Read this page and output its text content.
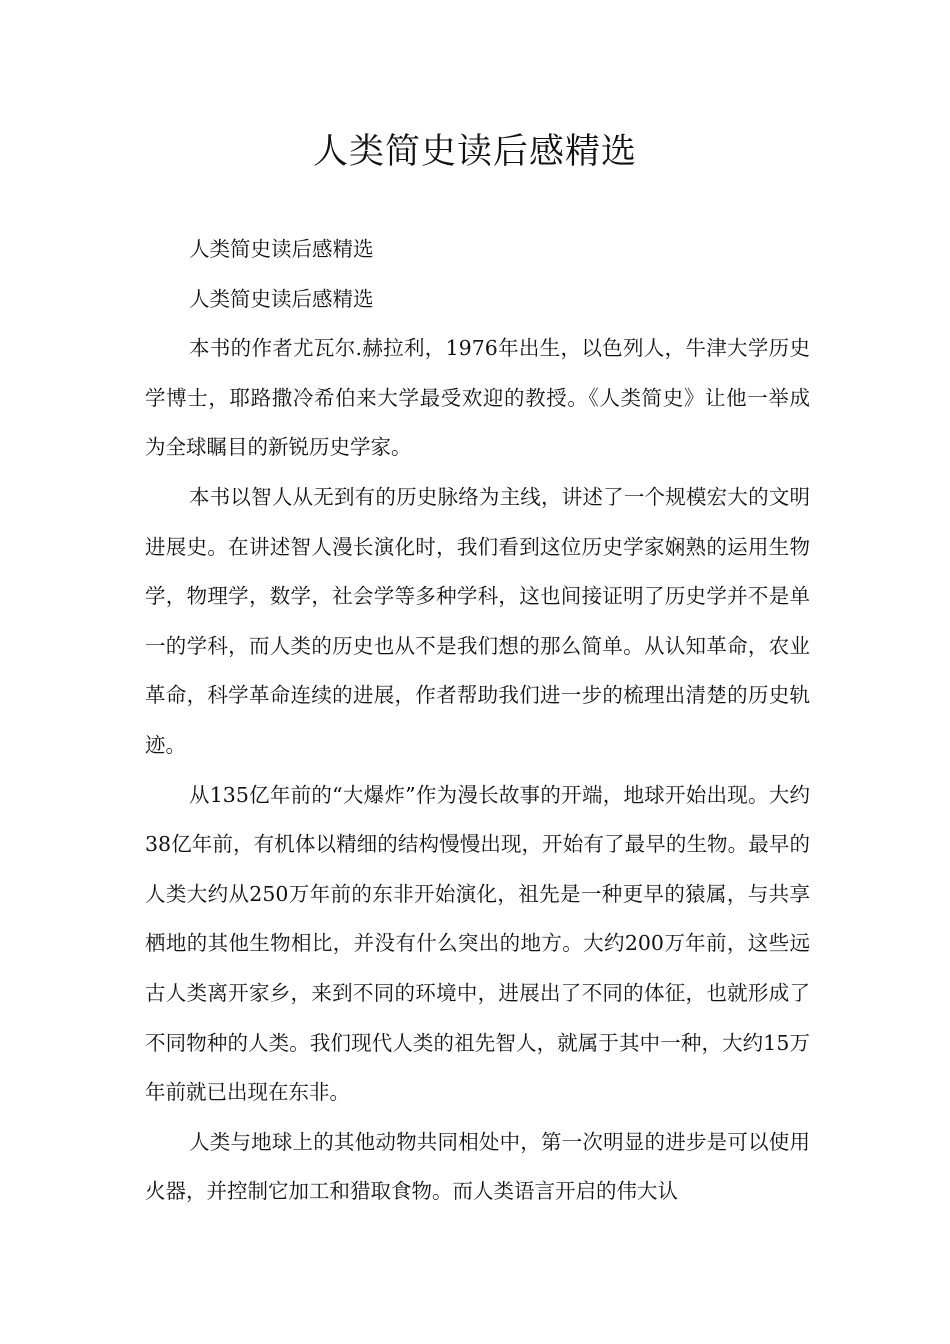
人类简史读后感精选

人类简史读后感精选

人类简史读后感精选

本书的作者尤瓦尔.赫拉利，1976年出生，以色列人，牛津大学历史学博士，耶路撒冷希伯来大学最受欢迎的教授。《人类简史》让他一举成为全球瞩目的新锐历史学家。

本书以智人从无到有的历史脉络为主线，讲述了一个规模宏大的文明进展史。在讲述智人漫长演化时，我们看到这位历史学家娴熟的运用生物学，物理学，数学，社会学等多种学科，这也间接证明了历史学并不是单一的学科，而人类的历史也从不是我们想的那么简单。从认知革命，农业革命，科学革命连续的进展，作者帮助我们进一步的梳理出清楚的历史轨迹。

从135亿年前的“大爆炸”作为漫长故事的开端，地球开始出现。大约38亿年前，有机体以精细的结构慢慢出现，开始有了最早的生物。最早的人类大约从250万年前的东非开始演化，祖先是一种更早的猿属，与共享栖地的其他生物相比，并没有什么突出的地方。大约200万年前，这些远古人类离开家乡，来到不同的环境中，进展出了不同的体征，也就形成了不同物种的人类。我们现代人类的祖先智人，就属于其中一种，大约15万年前就已出现在东非。

人类与地球上的其他动物共同相处中，第一次明显的进步是可以使用火器，并控制它加工和猎取食物。而人类语言开启的伟大认
